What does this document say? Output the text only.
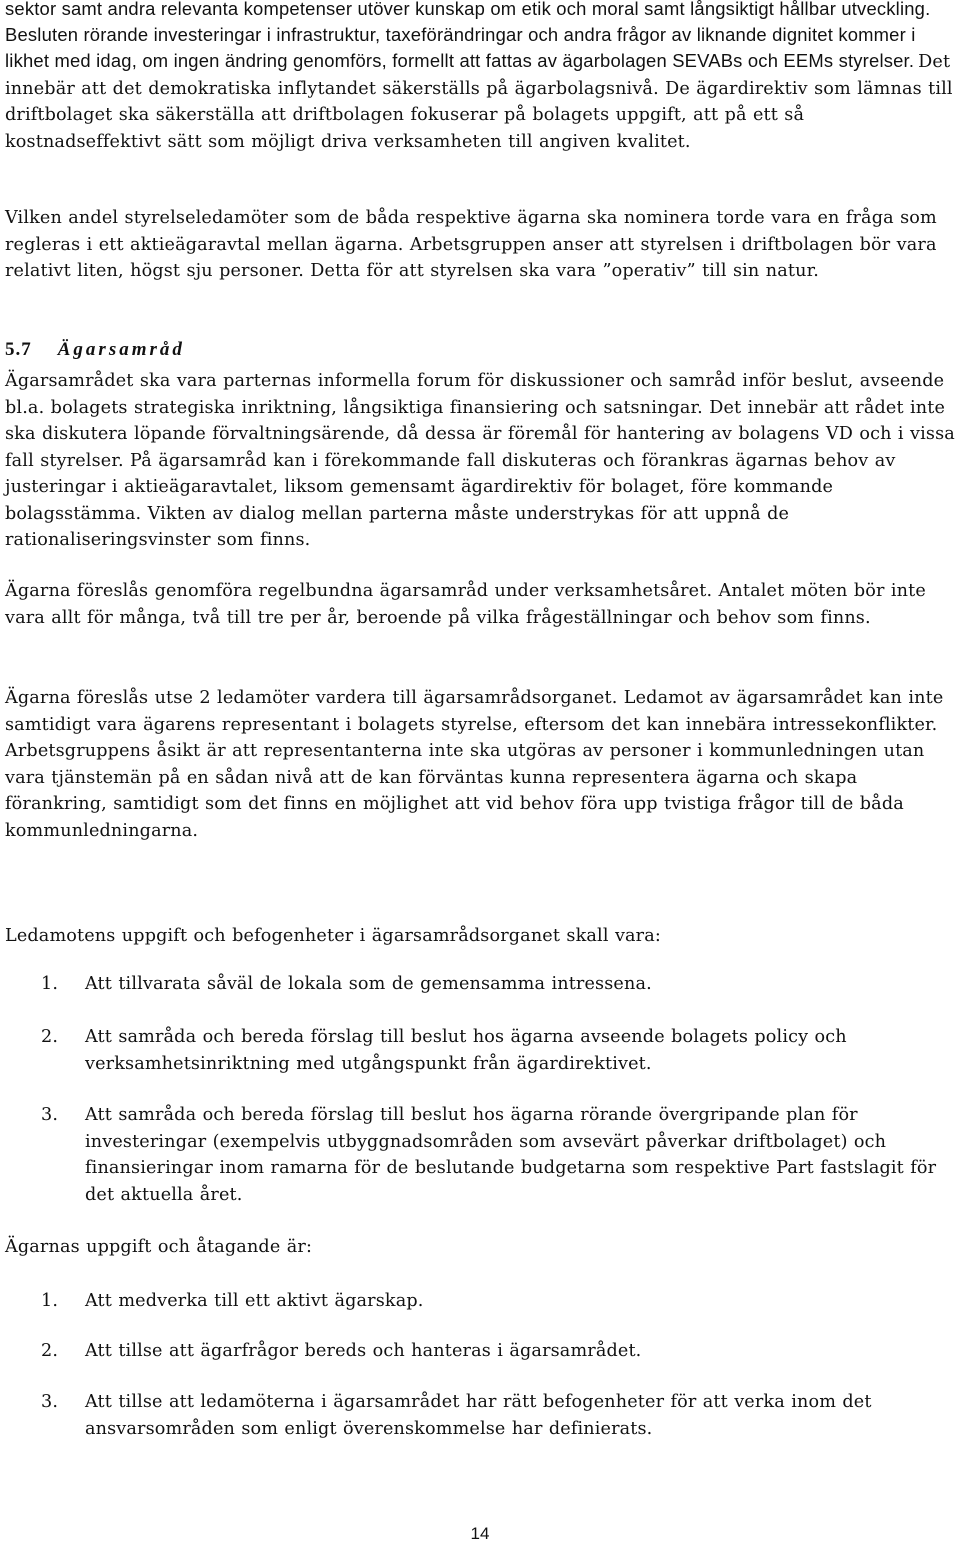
sektor samt andra relevanta kompetenser utöver kunskap om etik och moral samt långsiktigt hållbar utveckling. Besluten rörande investeringar i infrastruktur, taxeförändringar och andra frågor av liknande dignitet kommer i likhet med idag, om ingen ändring genomförs, formellt att fattas av ägarbolagen SEVABs och EEMs styrelser. Det innebär att det demokratiska inflytandet säkerställs på ägarbolagsnivå. De ägardirektiv som lämnas till driftbolaget ska säkerställa att driftbolagen fokuserar på bolagets uppgift, att på ett så kostnadseffektivt sätt som möjligt driva verksamheten till angiven kvalitet.

Vilken andel styrelseledamöter som de båda respektive ägarna ska nominera torde vara en fråga som regleras i ett aktieägaravtal mellan ägarna. Arbetsgruppen anser att styrelsen i driftbolagen bör vara relativt liten, högst sju personer. Detta för att styrelsen ska vara ”operativ” till sin natur.

5.7 Ägarsamråd

Ägarsamrådet ska vara parternas informella forum för diskussioner och samråd inför beslut, avseende bl.a. bolagets strategiska inriktning, långsiktiga finansiering och satsningar. Det innebär att rådet inte ska diskutera löpande förvaltningsärende, då dessa är föremål för hantering av bolagens VD och i vissa fall styrelser. På ägarsamråd kan i förekommande fall diskuteras och förankras ägarnas behov av justeringar i aktieägaravtalet, liksom gemensamt ägardirektiv för bolaget, före kommande bolagsstämma. Vikten av dialog mellan parterna måste understrykas för att uppnå de rationaliseringsvinster som finns.

Ägarna föreslås genomföra regelbundna ägarsamråd under verksamhetsåret. Antalet möten bör inte vara allt för många, två till tre per år, beroende på vilka frågeställningar och behov som finns.

Ägarna föreslås utse 2 ledamöter vardera till ägarsamrådsorganet. Ledamot av ägarsamrådet kan inte samtidigt vara ägarens representant i bolagets styrelse, eftersom det kan innebära intressekonflikter. Arbetsgruppens åsikt är att representanterna inte ska utgöras av personer i kommunledningen utan vara tjänstemän på en sådan nivå att de kan förväntas kunna representera ägarna och skapa förankring, samtidigt som det finns en möjlighet att vid behov föra upp tvistiga frågor till de båda kommunledningarna.

Ledamotens uppgift och befogenheter i ägarsamrådsorganet skall vara:

1.	Att tillvarata såväl de lokala som de gemensamma intressena.
2.	Att samråda och bereda förslag till beslut hos ägarna avseende bolagets policy och verksamhetsinriktning med utgångspunkt från ägardirektivet.
3.	Att samråda och bereda förslag till beslut hos ägarna rörande övergripande plan för investeringar (exempelvis utbyggnadsområden som avsevärt påverkar driftbolaget) och finansieringar inom ramarna för de beslutande budgetarna som respektive Part fastslagit för det aktuella året.

Ägarnas uppgift och åtagande är:

1.	Att medverka till ett aktivt ägarskap.
2.	Att tillse att ägarfrågor bereds och hanteras i ägarsamrådet.
3.	Att tillse att ledamöterna i ägarsamrådet har rätt befogenheter för att verka inom det ansvarsområden som enligt överenskommelse har definierats.
14
